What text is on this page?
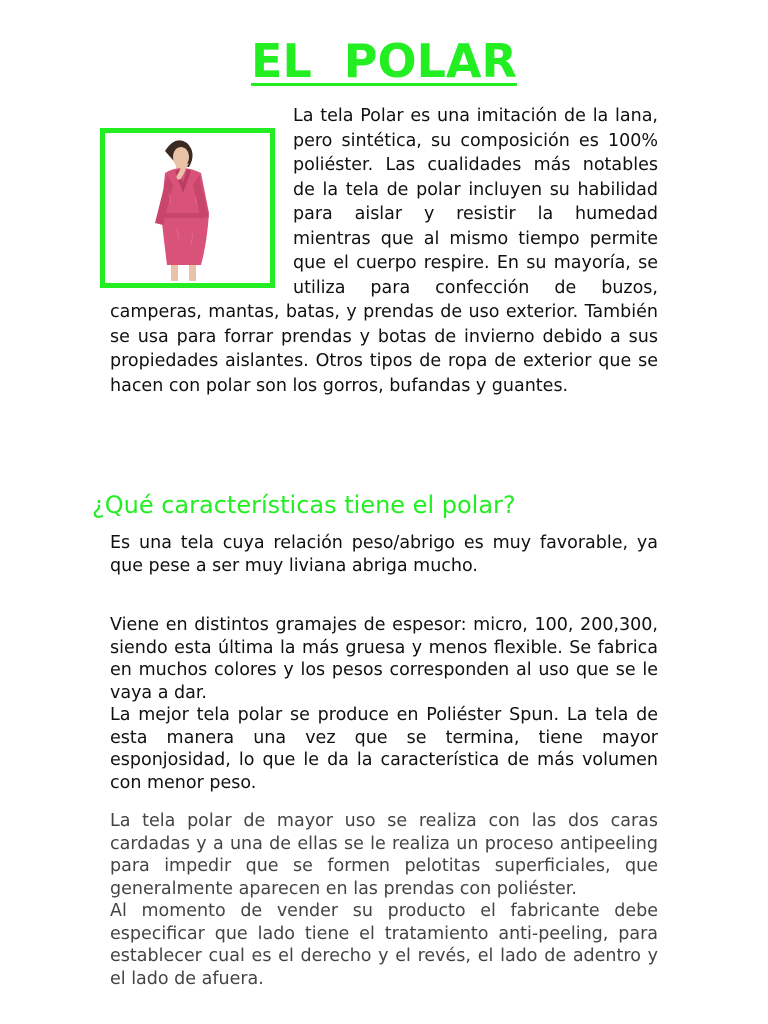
EL  POLAR
La tela Polar es una imitación de la lana, pero sintética, su composición es 100% poliéster. Las cualidades más notables de la tela de polar incluyen su habilidad para aislar y resistir la humedad mientras que al mismo tiempo permite que el cuerpo respire. En su mayoría, se utiliza para confección de buzos, camperas, mantas, batas, y prendas de uso exterior. También se usa para forrar prendas y botas de invierno debido a sus propiedades aislantes. Otros tipos de ropa de exterior que se hacen con polar son los gorros, bufandas y guantes.
¿Qué características tiene el polar?

Es una tela cuya relación peso/abrigo es muy favorable, ya que pese a ser muy liviana abriga mucho.

Viene en distintos gramajes de espesor: micro, 100, 200,300, siendo esta última la más gruesa y menos flexible. Se fabrica en muchos colores y los pesos corresponden al uso que se le vaya a dar.
La mejor tela polar se produce en Poliéster Spun. La tela de esta manera una vez que se termina, tiene mayor esponjosidad, lo que le da la característica de más volumen con menor peso.

La tela polar de mayor uso se realiza con las dos caras cardadas y a una de ellas se le realiza un proceso antipeeling para impedir que se formen pelotitas superficiales, que generalmente aparecen en las prendas con poliéster.
Al momento de vender su producto el fabricante debe especificar que lado tiene el tratamiento anti-peeling, para establecer cual es el derecho y el revés, el lado de adentro y el lado de afuera.
